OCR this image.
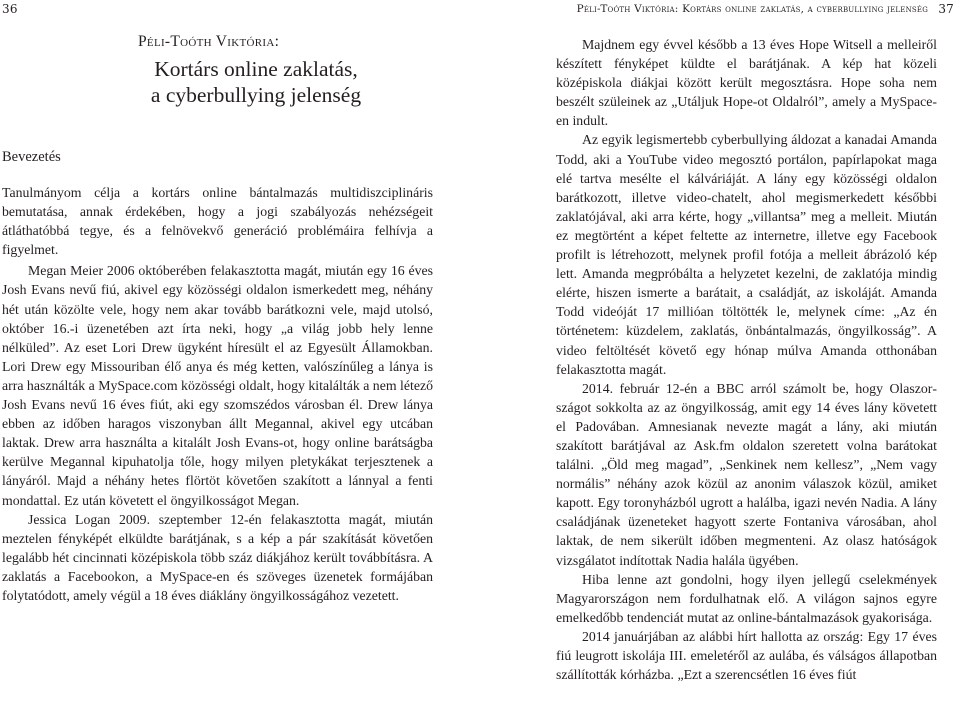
36
Péli-Toóth Viktória:
Kortárs online zaklatás,
a cyberbullying jelenség
Bevezetés

Tanulmányom célja a kortárs online bántalmazás multidiszciplináris bemutatása, annak érdekében, hogy a jogi szabályozás nehézségeit átláthatóbbá tegye, és a felnövekvő generáció problémáira felhívja a figyelmet.

Megan Meier 2006 októberében felakasztotta magát, miután egy 16 éves Josh Evans nevű fiú, akivel egy közösségi oldalon ismerkedett meg, néhány hét után közölte vele, hogy nem akar tovább barátkozni vele, majd utolsó, október 16.-i üzenetében azt írta neki, hogy „a világ jobb hely lenne nélküled”. Az eset Lori Drew ügyként híresült el az Egyesült Államokban. Lori Drew egy Missouriban élő anya és még ketten, valószínűleg a lánya is arra használták a MySpace.com közösségi oldalt, hogy kitalálták a nem létező Josh Evans nevű 16 éves fiút, aki egy szomszédos városban él. Drew lánya ebben az időben haragos viszonyban állt Megannal, akivel egy utcában laktak. Drew arra használta a kitalált Josh Evans-ot, hogy online barátságba kerülve Megannal kipuhatolja tőle, hogy milyen pletykákat terjesztenek a lányáról. Majd a néhány hetes flörtöt követően szakított a lánnyal a fenti mondattal. Ez után követett el öngyilkosságot Megan.

Jessica Logan 2009. szeptember 12-én felakasztotta magát, miután meztelen fényképét elküldte barátjának, s a kép a pár szakítását követően legalább hét cincinnati középiskola több száz diákjához került továbbításra. A zaklatás a Facebookon, a MySpace-en és szöveges üzenetek formájában folytatódott, amely végül a 18 éves diáklány öngyilkosságához vezetett.

Péli-Toóth Viktória: Kortárs online zaklatás, a cyberbullying jelenség 37

Majdnem egy évvel később a 13 éves Hope Witsell a melleiről készített fényképet küldte el barátjának. A kép hat közeli középiskola diákjai között került megosztásra. Hope soha nem beszélt szüleinek az „Utáljuk Hope-ot Oldalról”, amely a MySpace-en indult.

Az egyik legismertebb cyberbullying áldozat a kanadai Amanda Todd, aki a YouTube video megosztó portálon, papírlapokat maga elé tartva mesélte el kálváriáját. A lány egy közösségi oldalon barátkozott, illetve video-chatelt, ahol megismerkedett későbbi zaklatójával, aki arra kérte, hogy „villantsa” meg a melleit. Miután ez megtörtént a képet feltette az internetre, illetve egy Facebook profilt is létrehozott, melynek profil fotója a melleit ábrázoló kép lett. Amanda megpróbálta a helyzetet kezelni, de zaklatója mindig elérte, hiszen ismerte a barátait, a családját, az iskoláját. Amanda Todd videóját 17 millióan töltötték le, melynek címe: „Az én történetem: küzdelem, zaklatás, önbántalmazás, öngyilkosság”. A video feltöltését követő egy hónap múlva Amanda otthonában felakasztotta magát.

2014. február 12-én a BBC arról számolt be, hogy Olaszországot sokkolta az az öngyilkosság, amit egy 14 éves lány követett el Padovában. Amnesianak nevezte magát a lány, aki miután szakított barátjával az Ask.fm oldalon szeretett volna barátokat találni. „Öld meg magad”, „Senkinek nem kellesz”, „Nem vagy normális” néhány azok közül az anonim válaszok közül, amiket kapott. Egy toronyházból ugrott a halálba, igazi nevén Nadia. A lány családjának üzeneteket hagyott szerte Fontaniva városában, ahol laktak, de nem sikerült időben megmenteni. Az olasz hatóságok vizsgálatot indítottak Nadia halála ügyében.

Hiba lenne azt gondolni, hogy ilyen jellegű cselekmények Magyarországon nem fordulhatnak elő. A világon sajnos egyre emelkedőbb tendenciát mutat az online-bántalmazások gyakorisága.

2014 januárjában az alábbi hírt hallotta az ország: Egy 17 éves fiú leugrott iskolája III. emeletéről az aulába, és válságos állapotban szállították kórházba. „Ezt a szerencsétlen 16 éves fiút
